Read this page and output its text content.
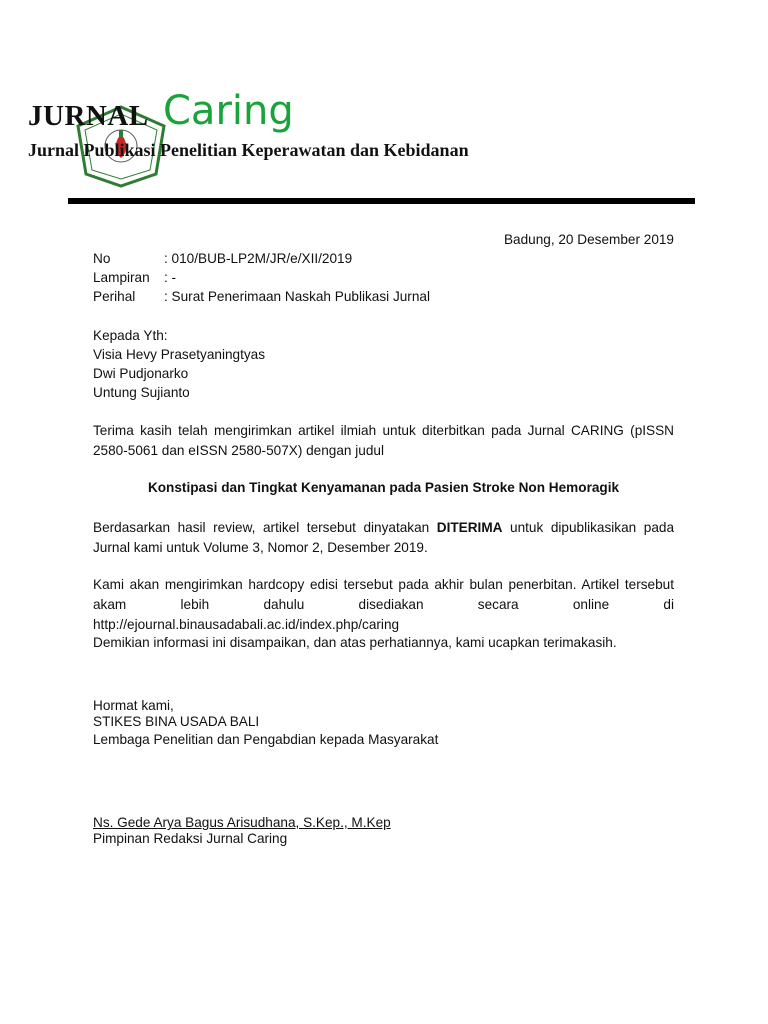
JURNAL Caring
Jurnal Publikasi Penelitian Keperawatan dan Kebidanan
Badung, 20 Desember 2019
No	: 010/BUB-LP2M/JR/e/XII/2019
Lampiran : -
Perihal : Surat Penerimaan Naskah Publikasi Jurnal
Kepada Yth:
Visia Hevy Prasetyaningtyas
Dwi Pudjonarko
Untung Sujianto
Terima kasih telah mengirimkan artikel ilmiah untuk diterbitkan pada Jurnal CARING (pISSN 2580-5061 dan eISSN 2580-507X) dengan judul
Konstipasi dan Tingkat Kenyamanan pada Pasien Stroke Non Hemoragik
Berdasarkan hasil review, artikel tersebut dinyatakan DITERIMA untuk dipublikasikan pada Jurnal kami untuk Volume 3, Nomor 2, Desember 2019.
Kami akan mengirimkan hardcopy edisi tersebut pada akhir bulan penerbitan. Artikel tersebut akam lebih dahulu disediakan secara online di http://ejournal.binausadabali.ac.id/index.php/caring
Demikian informasi ini disampaikan, dan atas perhatiannya, kami ucapkan terimakasih.
Hormat kami,
STIKES BINA USADA BALI
Lembaga Penelitian dan Pengabdian kepada Masyarakat
Ns. Gede Arya Bagus Arisudhana, S.Kep., M.Kep
Pimpinan Redaksi Jurnal Caring
